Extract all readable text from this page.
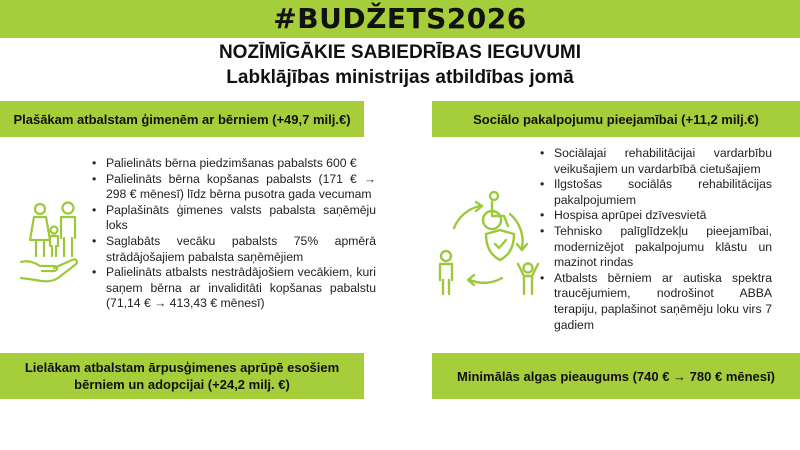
#BUDŽETS2026
NOZĪMĪGĀKIE SABIEDRĪBAS IEGUVUMI
Labklājības ministrijas atbildības jomā
Plašākam atbalstam ģimenēm ar bērniem (+49,7 milj.€)
• Palielināts bērna piedzimšanas pabalsts 600 €
• Palielināts bērna kopšanas pabalsts (171 € → 298 € mēnesī) līdz bērna pusotra gada vecumam
• Paplašināts ģimenes valsts pabalsta saņēmēju loks
• Saglabāts vecāku pabalsts 75% apmērā strādājošajiem pabalsta saņēmējiem
• Palielināts atbalsts nestrādājošiem vecākiem, kuri saņem bērna ar invaliditāti kopšanas pabalstu (71,14 € → 413,43 € mēnesī)
Lielākam atbalstam ārpusģimenes aprūpē esošiem bērniem un adopcijai (+24,2 milj. €)
Sociālo pakalpojumu pieejamībai (+11,2 milj.€)
• Sociālajai rehabilitācijai vardarbību veikušajiem un vardarbībā cietušajiem
• Ilgstošas sociālās rehabilitācijas pakalpojumiem
• Hospisa aprūpei dzīvesvietā
• Tehnisko palīglīdzekļu pieejamībai, modernizējot pakalpojumu klāstu un mazinot rindas
• Atbalsts bērniem ar autiska spektra traucējumiem, nodrošinot ABBA terapiju, paplašinot saņēmēju loku virs 7 gadiem
Minimālās algas pieaugums (740 € → 780 € mēnesī)
